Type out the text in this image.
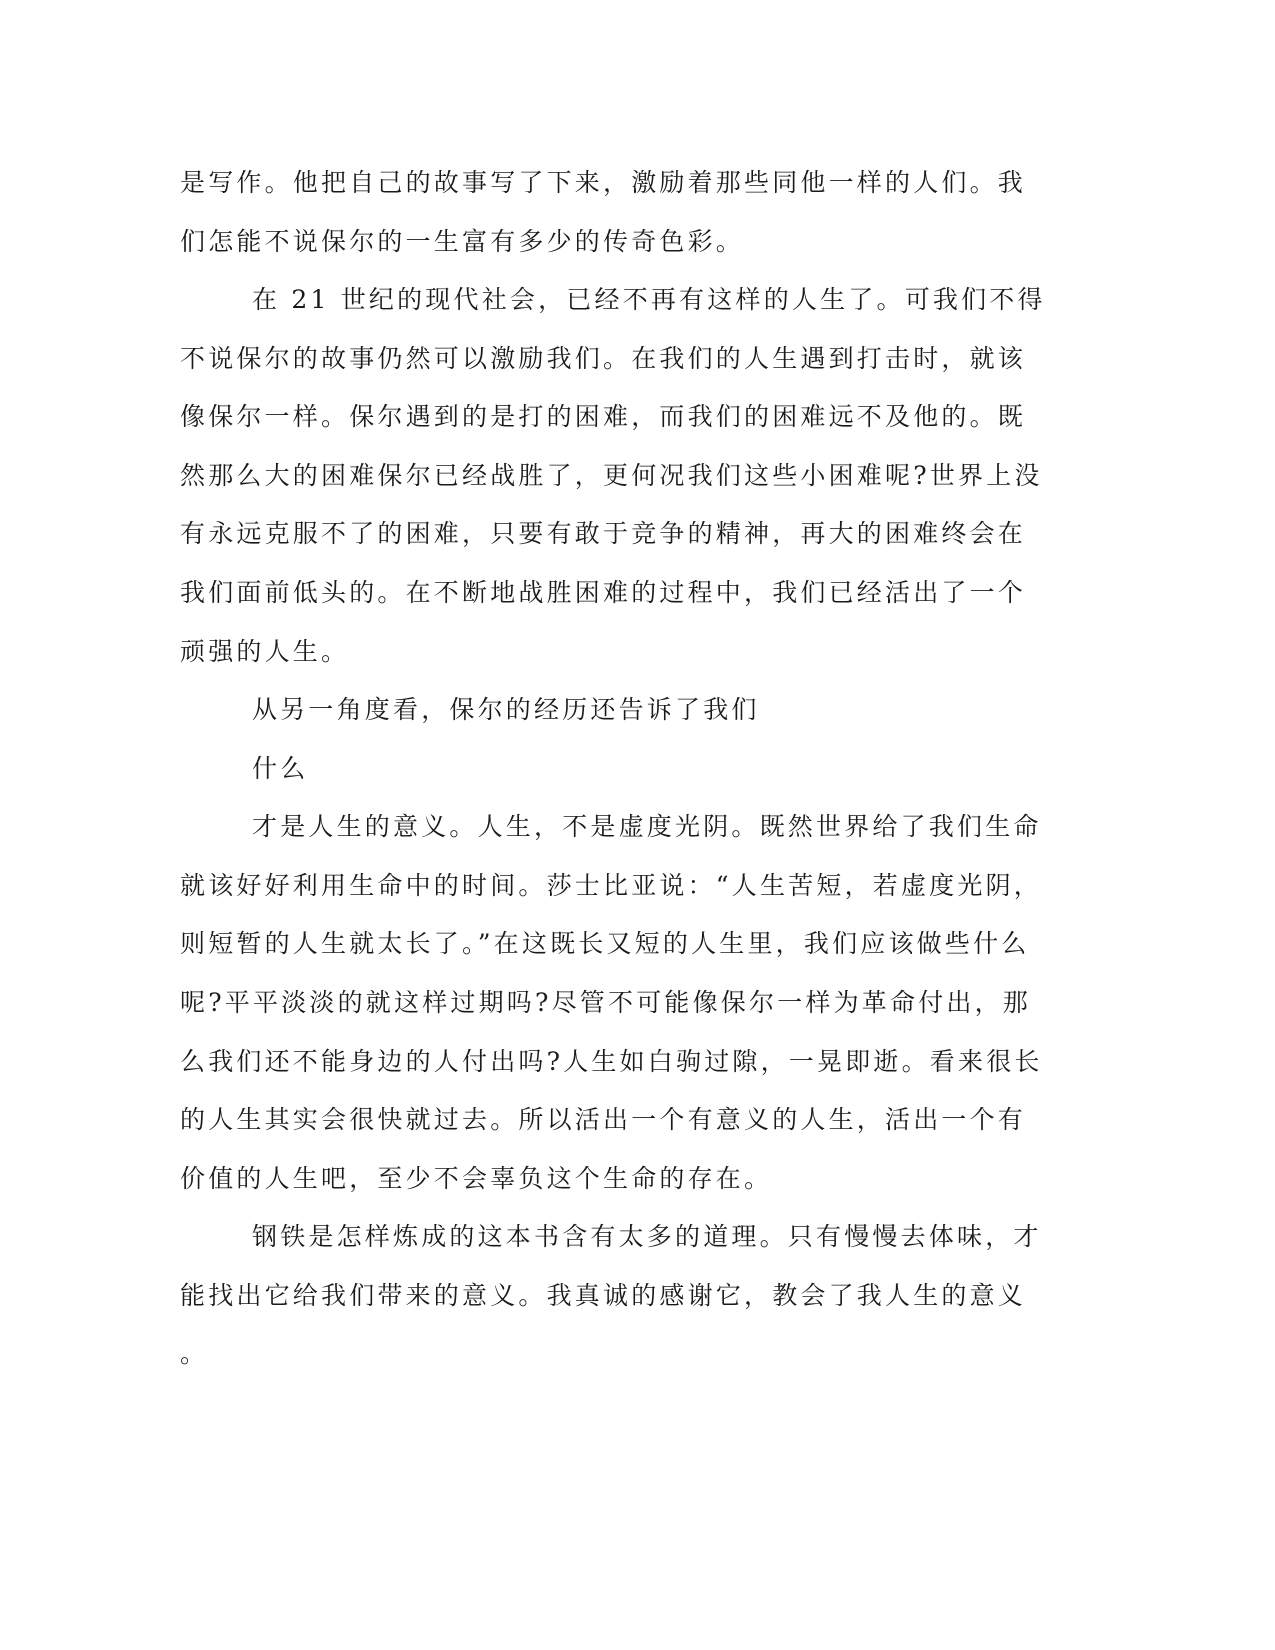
是写作。他把自己的故事写了下来，激励着那些同他一样的人们。我

们怎能不说保尔的一生富有多少的传奇色彩。

在 21 世纪的现代社会，已经不再有这样的人生了。可我们不得

不说保尔的故事仍然可以激励我们。在我们的人生遇到打击时，就该

像保尔一样。保尔遇到的是打的困难，而我们的困难远不及他的。既

然那么大的困难保尔已经战胜了，更何况我们这些小困难呢?世界上没

有永远克服不了的困难，只要有敢于竞争的精神，再大的困难终会在

我们面前低头的。在不断地战胜困难的过程中，我们已经活出了一个

顽强的人生。

从另一角度看，保尔的经历还告诉了我们

什么

才是人生的意义。人生，不是虚度光阴。既然世界给了我们生命

就该好好利用生命中的时间。莎士比亚说：“人生苦短，若虚度光阴，

则短暂的人生就太长了。”在这既长又短的人生里，我们应该做些什么

呢?平平淡淡的就这样过期吗?尽管不可能像保尔一样为革命付出，那

么我们还不能身边的人付出吗?人生如白驹过隙，一晃即逝。看来很长

的人生其实会很快就过去。所以活出一个有意义的人生，活出一个有

价值的人生吧，至少不会辜负这个生命的存在。

钢铁是怎样炼成的这本书含有太多的道理。只有慢慢去体味，才

能找出它给我们带来的意义。我真诚的感谢它，教会了我人生的意义

。
